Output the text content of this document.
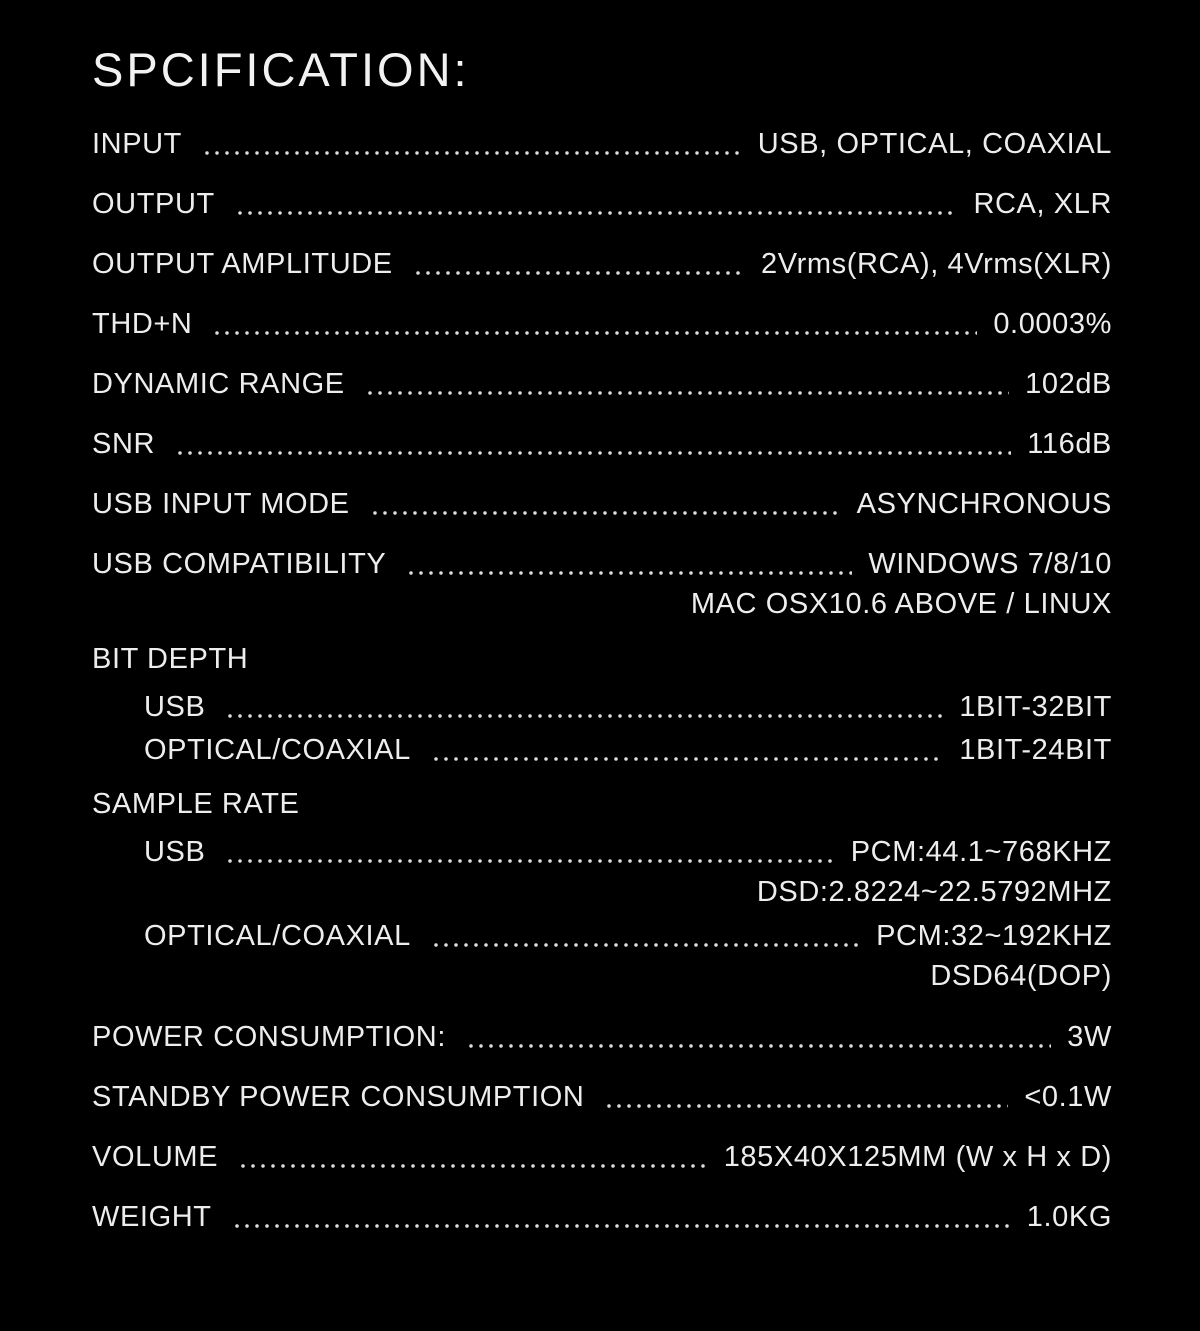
SPCIFICATION:
INPUT	USB, OPTICAL, COAXIAL
OUTPUT	RCA, XLR
OUTPUT AMPLITUDE	2Vrms(RCA), 4Vrms(XLR)
THD+N	0.0003%
DYNAMIC RANGE	102dB
SNR	116dB
USB INPUT MODE	ASYNCHRONOUS
USB COMPATIBILITY	WINDOWS 7/8/10
MAC OSX10.6 ABOVE / LINUX
BIT DEPTH
USB	1BIT-32BIT
OPTICAL/COAXIAL	1BIT-24BIT
SAMPLE RATE
USB	PCM:44.1~768KHZ
DSD:2.8224~22.5792MHZ
OPTICAL/COAXIAL	PCM:32~192KHZ
DSD64(DOP)
POWER CONSUMPTION:	3W
STANDBY POWER CONSUMPTION	<0.1W
VOLUME	185X40X125MM (W x H x D)
WEIGHT	1.0KG
